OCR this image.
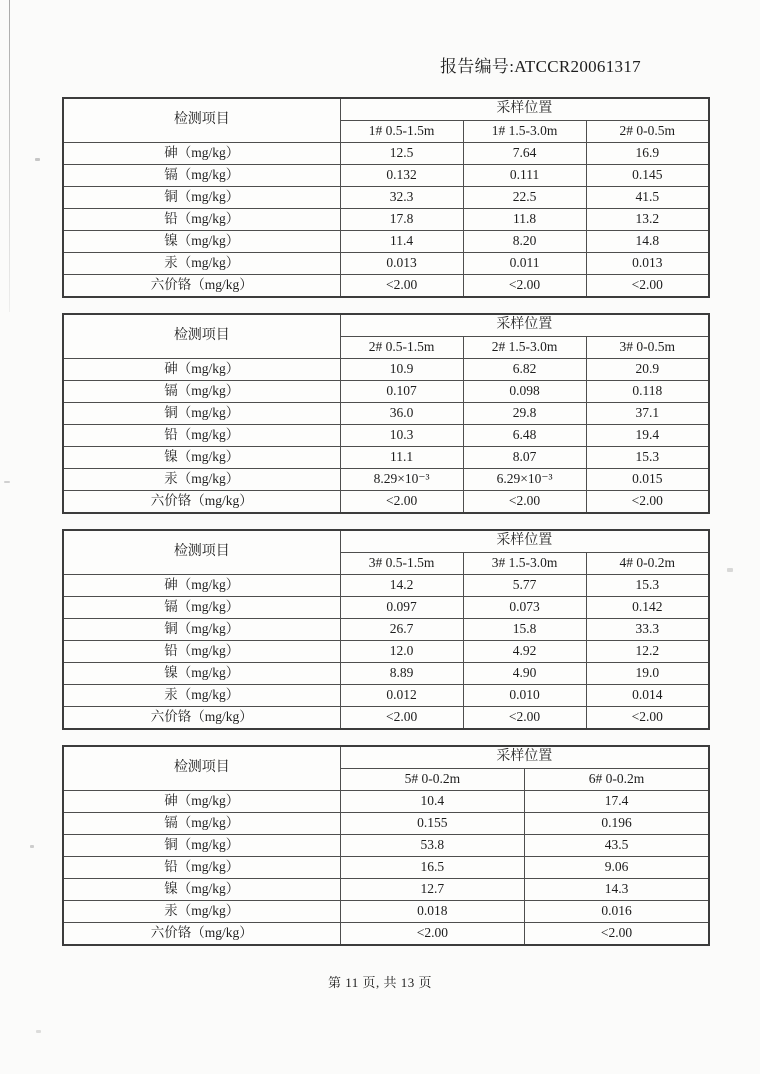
报告编号:ATCCR20061317
检测项目	采样位置		
	1# 0.5-1.5m	1# 1.5-3.0m	2# 0-0.5m
砷（mg/kg）	12.5	7.64	16.9
镉（mg/kg）	0.132	0.111	0.145
铜（mg/kg）	32.3	22.5	41.5
铅（mg/kg）	17.8	11.8	13.2
镍（mg/kg）	11.4	8.20	14.8
汞（mg/kg）	0.013	0.011	0.013
六价铬（mg/kg）	<2.00	<2.00	<2.00
检测项目	采样位置		
	2# 0.5-1.5m	2# 1.5-3.0m	3# 0-0.5m
砷（mg/kg）	10.9	6.82	20.9
镉（mg/kg）	0.107	0.098	0.118
铜（mg/kg）	36.0	29.8	37.1
铅（mg/kg）	10.3	6.48	19.4
镍（mg/kg）	11.1	8.07	15.3
汞（mg/kg）	8.29×10⁻³	6.29×10⁻³	0.015
六价铬（mg/kg）	<2.00	<2.00	<2.00
检测项目	采样位置		
	3# 0.5-1.5m	3# 1.5-3.0m	4# 0-0.2m
砷（mg/kg）	14.2	5.77	15.3
镉（mg/kg）	0.097	0.073	0.142
铜（mg/kg）	26.7	15.8	33.3
铅（mg/kg）	12.0	4.92	12.2
镍（mg/kg）	8.89	4.90	19.0
汞（mg/kg）	0.012	0.010	0.014
六价铬（mg/kg）	<2.00	<2.00	<2.00
检测项目	采样位置	
	5# 0-0.2m	6# 0-0.2m
砷（mg/kg）	10.4	17.4
镉（mg/kg）	0.155	0.196
铜（mg/kg）	53.8	43.5
铅（mg/kg）	16.5	9.06
镍（mg/kg）	12.7	14.3
汞（mg/kg）	0.018	0.016
六价铬（mg/kg）	<2.00	<2.00
第 11 页, 共 13 页
